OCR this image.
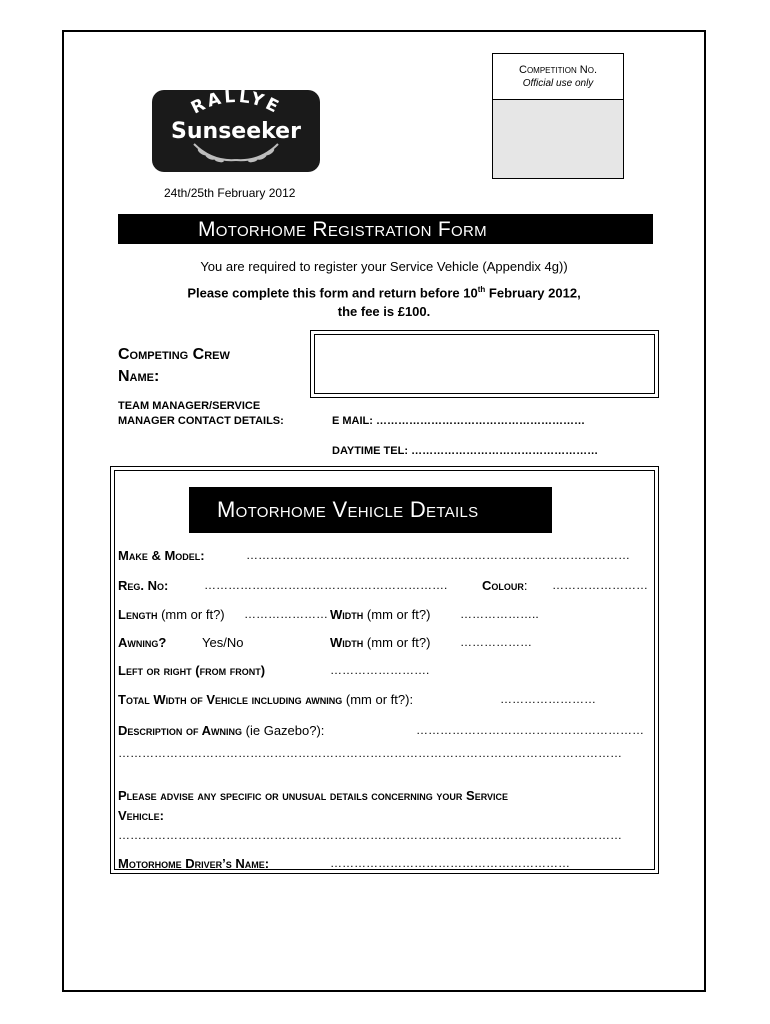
Competition No.
Official use only
RALLYE
Sunseeker
24th/25th February 2012
Motorhome Registration Form
You are required to register your Service Vehicle (Appendix 4g))
Please complete this form and return before 10th February 2012,
the fee is £100.
Competing Crew
Name:
TEAM MANAGER/SERVICE
MANAGER CONTACT DETAILS:	E MAIL: …………………………………………………
DAYTIME TEL: ……………………………………………
Motorhome Vehicle Details
Make & Model:	……………………………………………………………………………………
Reg. No:	…………………………………………………….	Colour: ……………………
Length (mm or ft?) ………………… Width (mm or ft?) ………………..
Awning?	Yes/No	Width (mm or ft?) ………………
Left or right (from front)	…………………….
Total Width of Vehicle including awning (mm or ft?):	……………………
Description of Awning (ie Gazebo?):	…………………………………………………
………………………………………………………………………………………………………………
Please advise any specific or unusual details concerning your Service
Vehicle:
………………………………………………………………………………………………………………
Motorhome Driver’s Name:	……………………………………………………
